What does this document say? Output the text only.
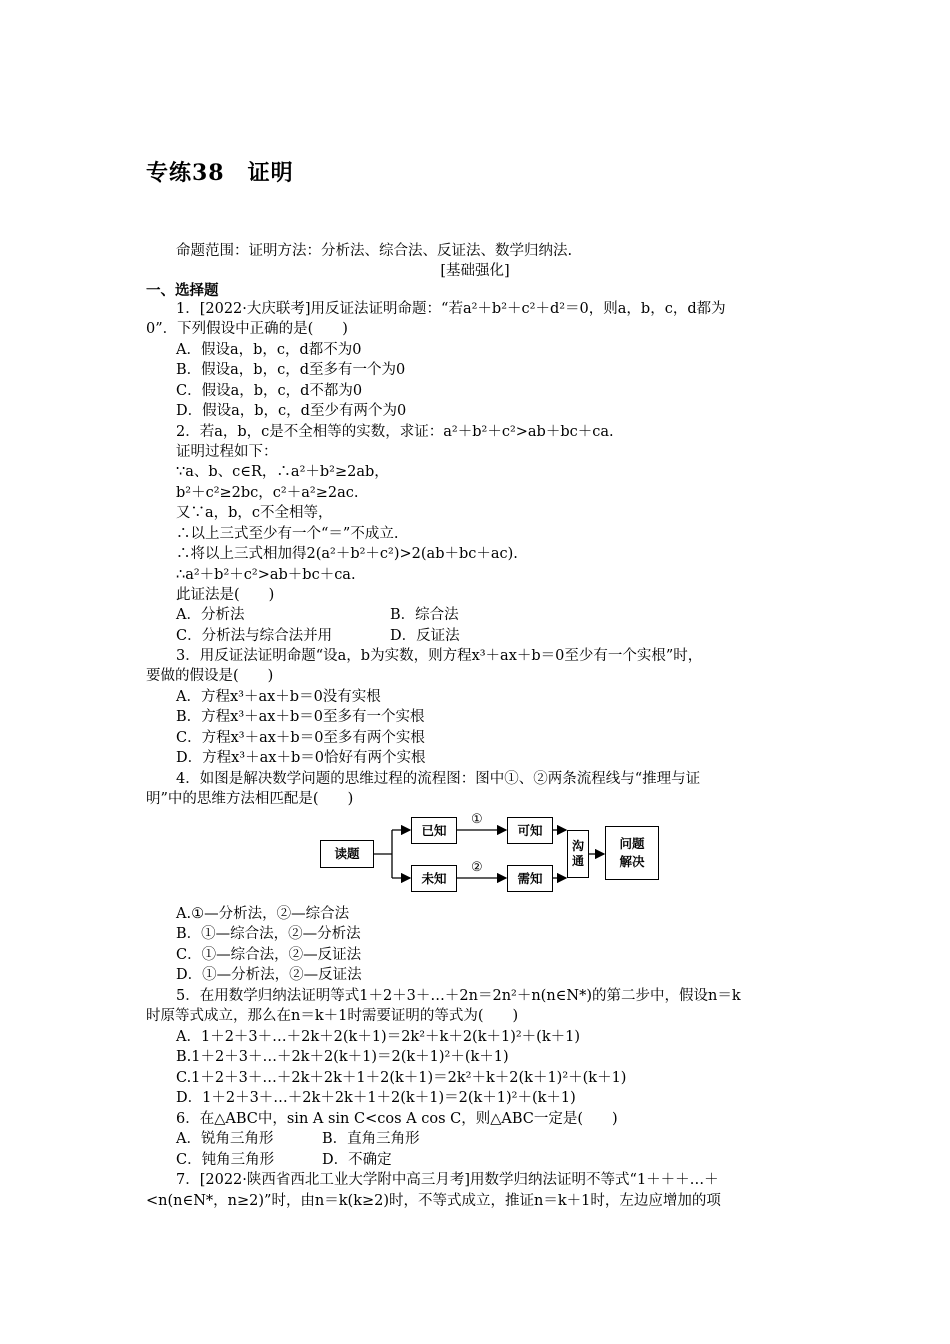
专练38　证明
命题范围：证明方法：分析法、综合法、反证法、数学归纳法.
[基础强化]
一、选择题
1．[2022·大庆联考]用反证法证明命题：“若a²＋b²＋c²＋d²＝0，则a，b，c，d都为
0”．下列假设中正确的是(　　)
A．假设a，b，c，d都不为0
B．假设a，b，c，d至多有一个为0
C．假设a，b，c，d不都为0
D．假设a，b，c，d至少有两个为0
2．若a，b，c是不全相等的实数，求证：a²＋b²＋c²>ab＋bc＋ca.
证明过程如下：
∵a、b、c∈R，∴a²＋b²≥2ab，
b²＋c²≥2bc，c²＋a²≥2ac.
又∵a，b，c不全相等，
∴以上三式至少有一个“＝”不成立.
∴将以上三式相加得2(a²＋b²＋c²)>2(ab＋bc＋ac).
∴a²＋b²＋c²>ab＋bc＋ca.
此证法是(　　)
A．分析法	B．综合法
C．分析法与综合法并用	D．反证法
3．用反证法证明命题“设a，b为实数，则方程x³＋ax＋b＝0至少有一个实根”时，
要做的假设是(　　)
A．方程x³＋ax＋b＝0没有实根
B．方程x³＋ax＋b＝0至多有一个实根
C．方程x³＋ax＋b＝0至多有两个实根
D．方程x³＋ax＋b＝0恰好有两个实根
4．如图是解决数学问题的思维过程的流程图：图中①、②两条流程线与“推理与证
明”中的思维方法相匹配是(　　)
读题
已知
未知
①
②
可知
需知
沟
通
问题
解决
A.①—分析法，②—综合法
B．①—综合法，②—分析法
C．①—综合法，②—反证法
D．①—分析法，②—反证法
5．在用数学归纳法证明等式1＋2＋3＋…＋2n＝2n²＋n(n∈N*)的第二步中，假设n＝k
时原等式成立，那么在n＝k＋1时需要证明的等式为(　　)
A．1＋2＋3＋…＋2k＋2(k＋1)＝2k²＋k＋2(k＋1)²＋(k＋1)
B.1＋2＋3＋…＋2k＋2(k＋1)＝2(k＋1)²＋(k＋1)
C.1＋2＋3＋…＋2k＋2k＋1＋2(k＋1)＝2k²＋k＋2(k＋1)²＋(k＋1)
D．1＋2＋3＋…＋2k＋2k＋1＋2(k＋1)＝2(k＋1)²＋(k＋1)
6．在△ABC中，sin A sin C<cos A cos C，则△ABC一定是(　　)
A．锐角三角形	B．直角三角形
C．钝角三角形	D．不确定
7．[2022·陕西省西北工业大学附中高三月考]用数学归纳法证明不等式“1＋＋＋…＋
<n(n∈N*，n≥2)”时，由n＝k(k≥2)时，不等式成立，推证n＝k＋1时，左边应增加的项
